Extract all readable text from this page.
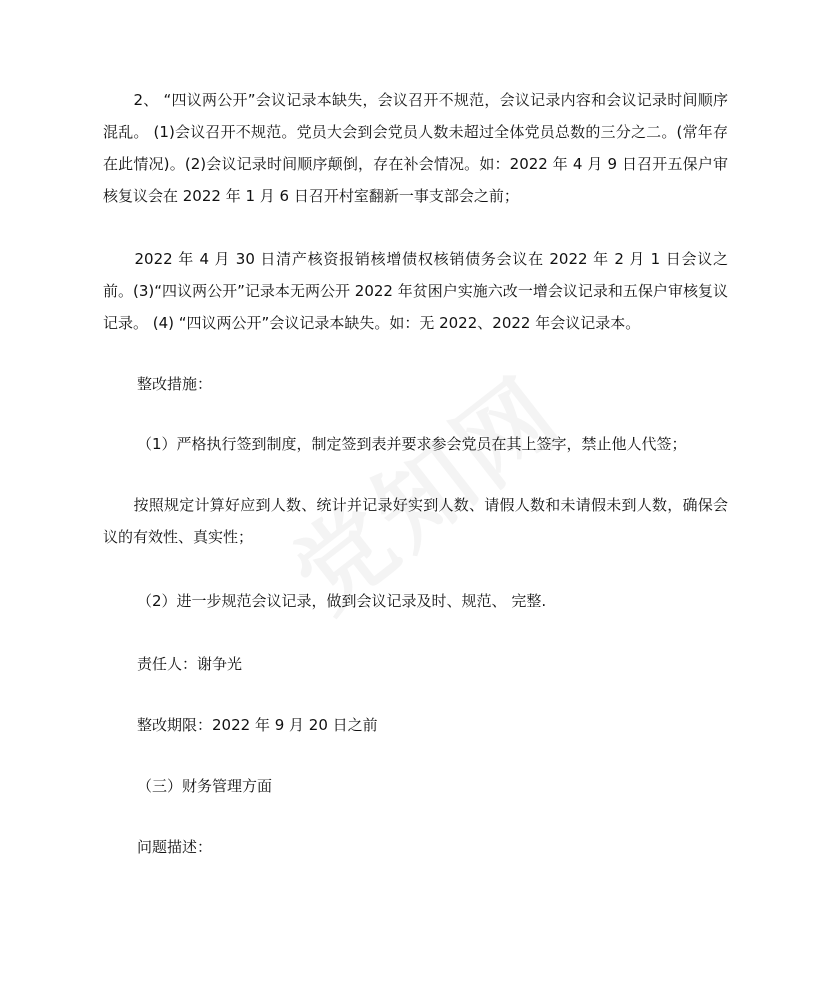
　　2、 “四议两公开”会议记录本缺失，会议召开不规范，会议记录内容和会议记录时间顺序混乱。 (1)会议召开不规范。党员大会到会党员人数未超过全体党员总数的三分之二。(常年存在此情况)。(2)会议记录时间顺序颠倒，存在补会情况。如：2022 年 4 月 9 日召开五保户审核复议会在 2022 年 1 月 6 日召开村室翻新一事支部会之前；

　　2022 年 4 月 30 日清产核资报销核增债权核销债务会议在 2022 年 2 月 1 日会议之前。(3)“四议两公开”记录本无两公开 2022 年贫困户实施六改一增会议记录和五保户审核复议记录。 (4) “四议两公开”会议记录本缺失。如：无 2022、2022 年会议记录本。

整改措施：

（1）严格执行签到制度，制定签到表并要求参会党员在其上签字，禁止他人代签；

　　按照规定计算好应到人数、统计并记录好实到人数、请假人数和未请假未到人数，确保会议的有效性、真实性；

（2）进一步规范会议记录，做到会议记录及时、规范、 完整.

责任人：谢争光

整改期限：2022 年 9 月 20 日之前

（三）财务管理方面

问题描述：
